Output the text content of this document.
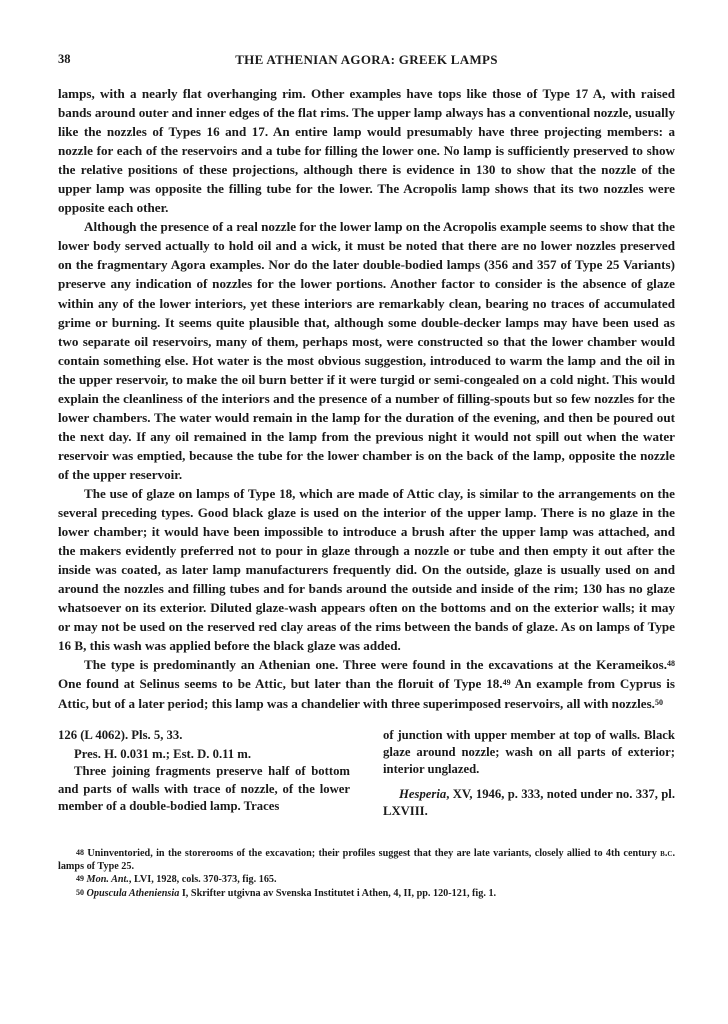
38	THE ATHENIAN AGORA: GREEK LAMPS

lamps, with a nearly flat overhanging rim. Other examples have tops like those of Type 17 A, with raised bands around outer and inner edges of the flat rims. The upper lamp always has a conventional nozzle, usually like the nozzles of Types 16 and 17. An entire lamp would presumably have three projecting members: a nozzle for each of the reservoirs and a tube for filling the lower one. No lamp is sufficiently preserved to show the relative positions of these projections, although there is evidence in 130 to show that the nozzle of the upper lamp was opposite the filling tube for the lower. The Acropolis lamp shows that its two nozzles were opposite each other.

Although the presence of a real nozzle for the lower lamp on the Acropolis example seems to show that the lower body served actually to hold oil and a wick, it must be noted that there are no lower nozzles preserved on the fragmentary Agora examples. Nor do the later double-bodied lamps (356 and 357 of Type 25 Variants) preserve any indication of nozzles for the lower portions. Another factor to consider is the absence of glaze within any of the lower interiors, yet these interiors are remarkably clean, bearing no traces of accumulated grime or burning. It seems quite plausible that, although some double-decker lamps may have been used as two separate oil reservoirs, many of them, perhaps most, were constructed so that the lower chamber would contain something else. Hot water is the most obvious suggestion, introduced to warm the lamp and the oil in the upper reservoir, to make the oil burn better if it were turgid or semi-congealed on a cold night. This would explain the cleanliness of the interiors and the presence of a number of filling-spouts but so few nozzles for the lower chambers. The water would remain in the lamp for the duration of the evening, and then be poured out the next day. If any oil remained in the lamp from the previous night it would not spill out when the water reservoir was emptied, because the tube for the lower chamber is on the back of the lamp, opposite the nozzle of the upper reservoir.

The use of glaze on lamps of Type 18, which are made of Attic clay, is similar to the arrangements on the several preceding types. Good black glaze is used on the interior of the upper lamp. There is no glaze in the lower chamber; it would have been impossible to introduce a brush after the upper lamp was attached, and the makers evidently preferred not to pour in glaze through a nozzle or tube and then empty it out after the inside was coated, as later lamp manufacturers frequently did. On the outside, glaze is usually used on and around the nozzles and filling tubes and for bands around the outside and inside of the rim; 130 has no glaze whatsoever on its exterior. Diluted glaze-wash appears often on the bottoms and on the exterior walls; it may or may not be used on the reserved red clay areas of the rims between the bands of glaze. As on lamps of Type 16 B, this wash was applied before the black glaze was added.

The type is predominantly an Athenian one. Three were found in the excavations at the Kerameikos.$^{48}$ One found at Selinus seems to be Attic, but later than the floruit of Type 18.49 An example from Cyprus is Attic, but of a later period; this lamp was a chandelier with three superimposed reservoirs, all with nozzles.$^{50}$

126 (L 4062). Pls. 5, 33.

Pres. H. 0.031 m.; Est. D. 0.11 m.

Three joining fragments preserve half of bottom and parts of walls with trace of nozzle, of the lower member of a double-bodied lamp. Traces

of junction with upper member at top of walls. Black glaze around nozzle; wash on all parts of exterior; interior unglazed.

Hesperia, XV, 1946, p. 333, noted under no. 337, pl. LXVIII.

$^{48}$ Uninventoried, in the storerooms of the excavation; their profiles suggest that they are late variants, closely allied to 4th century b.c. lamps of Type 25.

$^{49}$ Mon. Ant., LVI, 1928, cols. 370-373, fig. 165.

$^{50}$ Opuscula Atheniensia I, Skrifter utgivna av Svenska Institutet i Athen, 4, II, pp. 120-121, fig. 1.
